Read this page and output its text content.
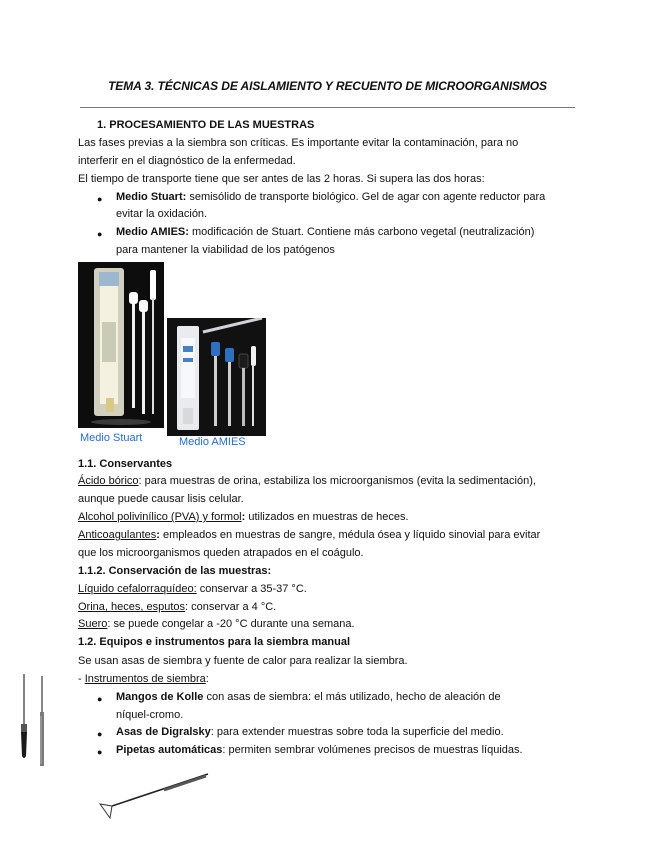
TEMA 3. TÉCNICAS DE AISLAMIENTO Y RECUENTO DE MICROORGANISMOS
1. PROCESAMIENTO DE LAS MUESTRAS
Las fases previas a la siembra son críticas. Es importante evitar la contaminación, para no
interferir en el diagnóstico de la enfermedad.
El tiempo de transporte tiene que ser antes de las 2 horas. Si supera las dos horas:
● Medio Stuart: semisólido de transporte biológico. Gel de agar con agente reductor para
evitar la oxidación.
● Medio AMIES: modificación de Stuart. Contiene más carbono vegetal (neutralización)
para mantener la viabilidad de los patógenos
Medio Stuart	Medio AMIES
1.1. Conservantes
Ácido bórico: para muestras de orina, estabiliza los microorganismos (evita la sedimentación),
aunque puede causar lisis celular.
Alcohol polivinílico (PVA) y formol: utilizados en muestras de heces.
Anticoagulantes: empleados en muestras de sangre, médula ósea y líquido sinovial para evitar
que los microorganismos queden atrapados en el coágulo.
1.1.2. Conservación de las muestras:
Líquido cefalorraquídeo: conservar a 35-37 °C.
Orina, heces, esputos: conservar a 4 °C.
Suero: se puede congelar a -20 °C durante una semana.
1.2. Equipos e instrumentos para la siembra manual
Se usan asas de siembra y fuente de calor para realizar la siembra.
- Instrumentos de siembra:
● Mangos de Kolle con asas de siembra: el más utilizado, hecho de aleación de
níquel-cromo.
● Asas de Digralsky: para extender muestras sobre toda la superficie del medio.
● Pipetas automáticas: permiten sembrar volúmenes precisos de muestras líquidas.
